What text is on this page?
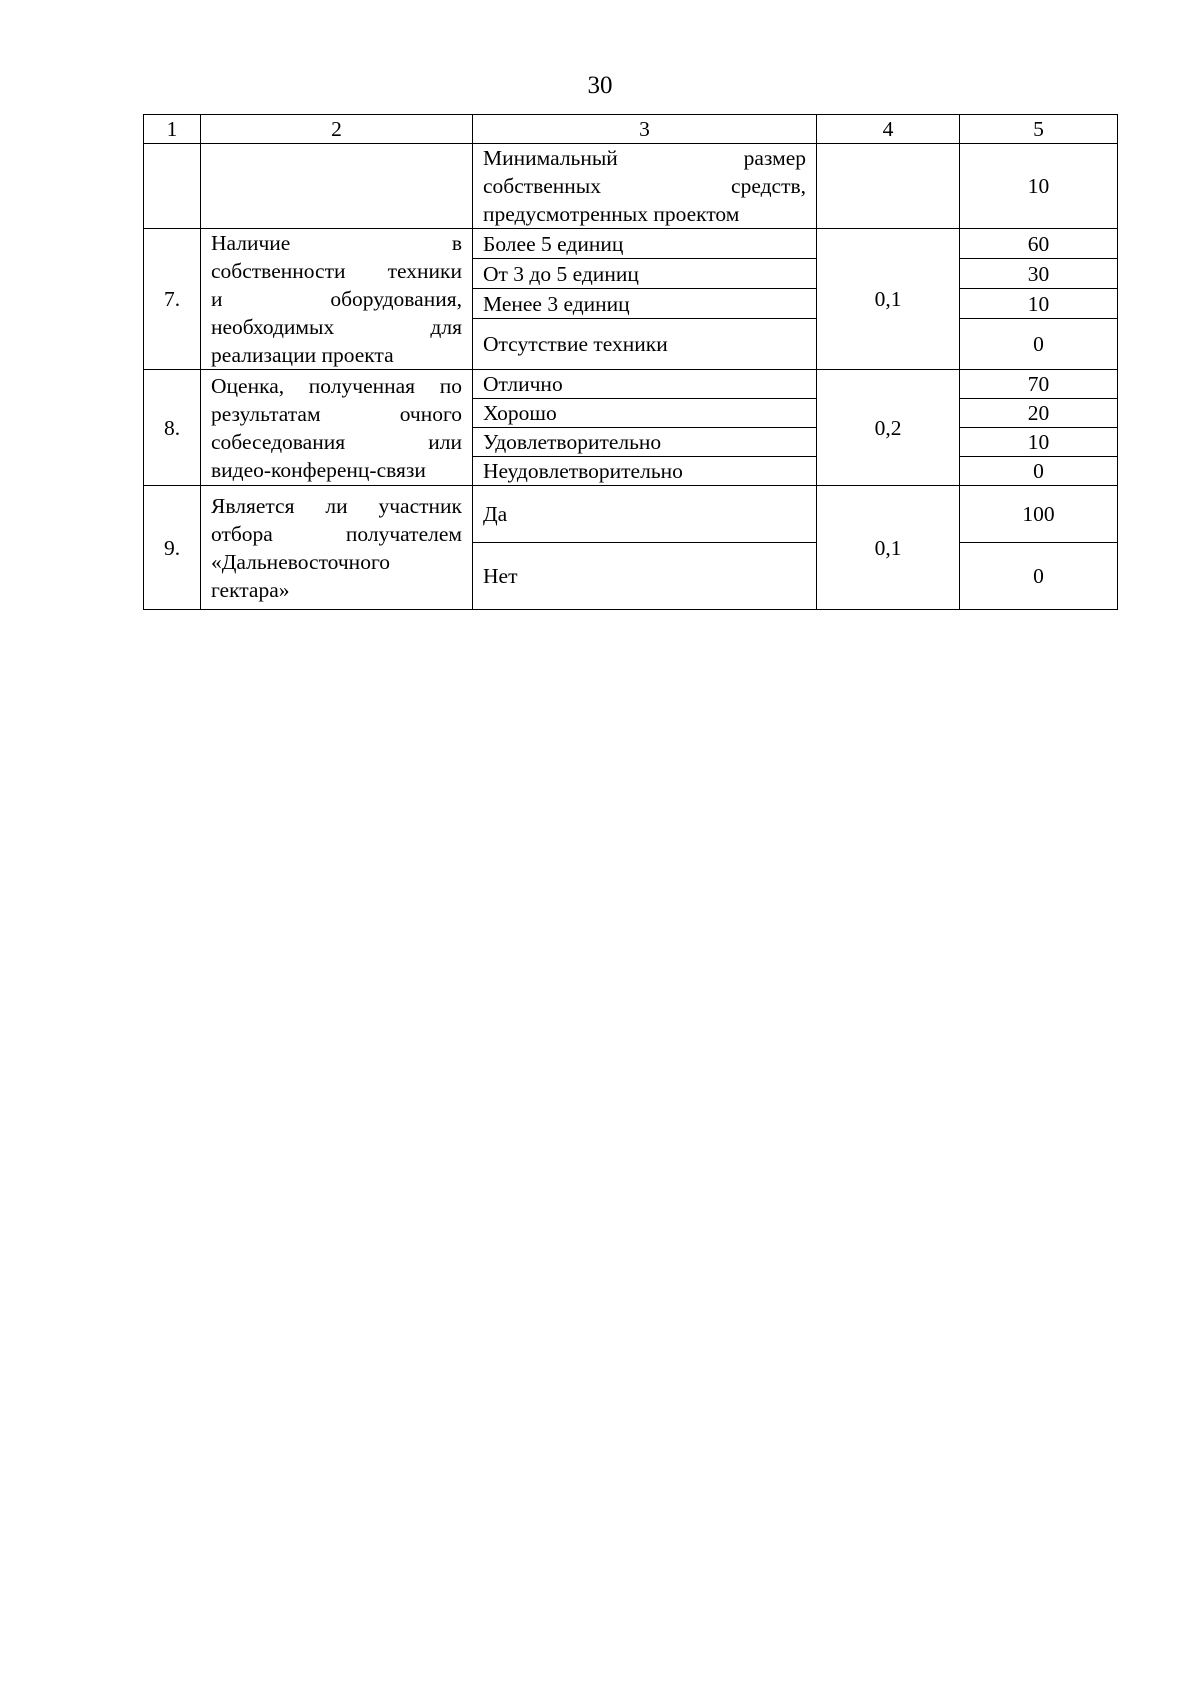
30
1	2	3	4	5

		Минимальный размер
собственных средств,
предусмотренных проектом		10
7.	Наличие в
собственности техники
и оборудования,
необходимых для
реализации проекта	Более 5 единиц	0,1	60
		От 3 до 5 единиц		30
		Менее 3 единиц		10
		Отсутствие техники		0
8.	Оценка, полученная по
результатам очного
собеседования или
видео-конференц-связи	Отлично	0,2	70
		Хорошо		20
		Удовлетворительно		10
		Неудовлетворительно		0
9.	Является ли участник
отбора получателем
«Дальневосточного
гектара»	Да	0,1	100
		Нет		0
